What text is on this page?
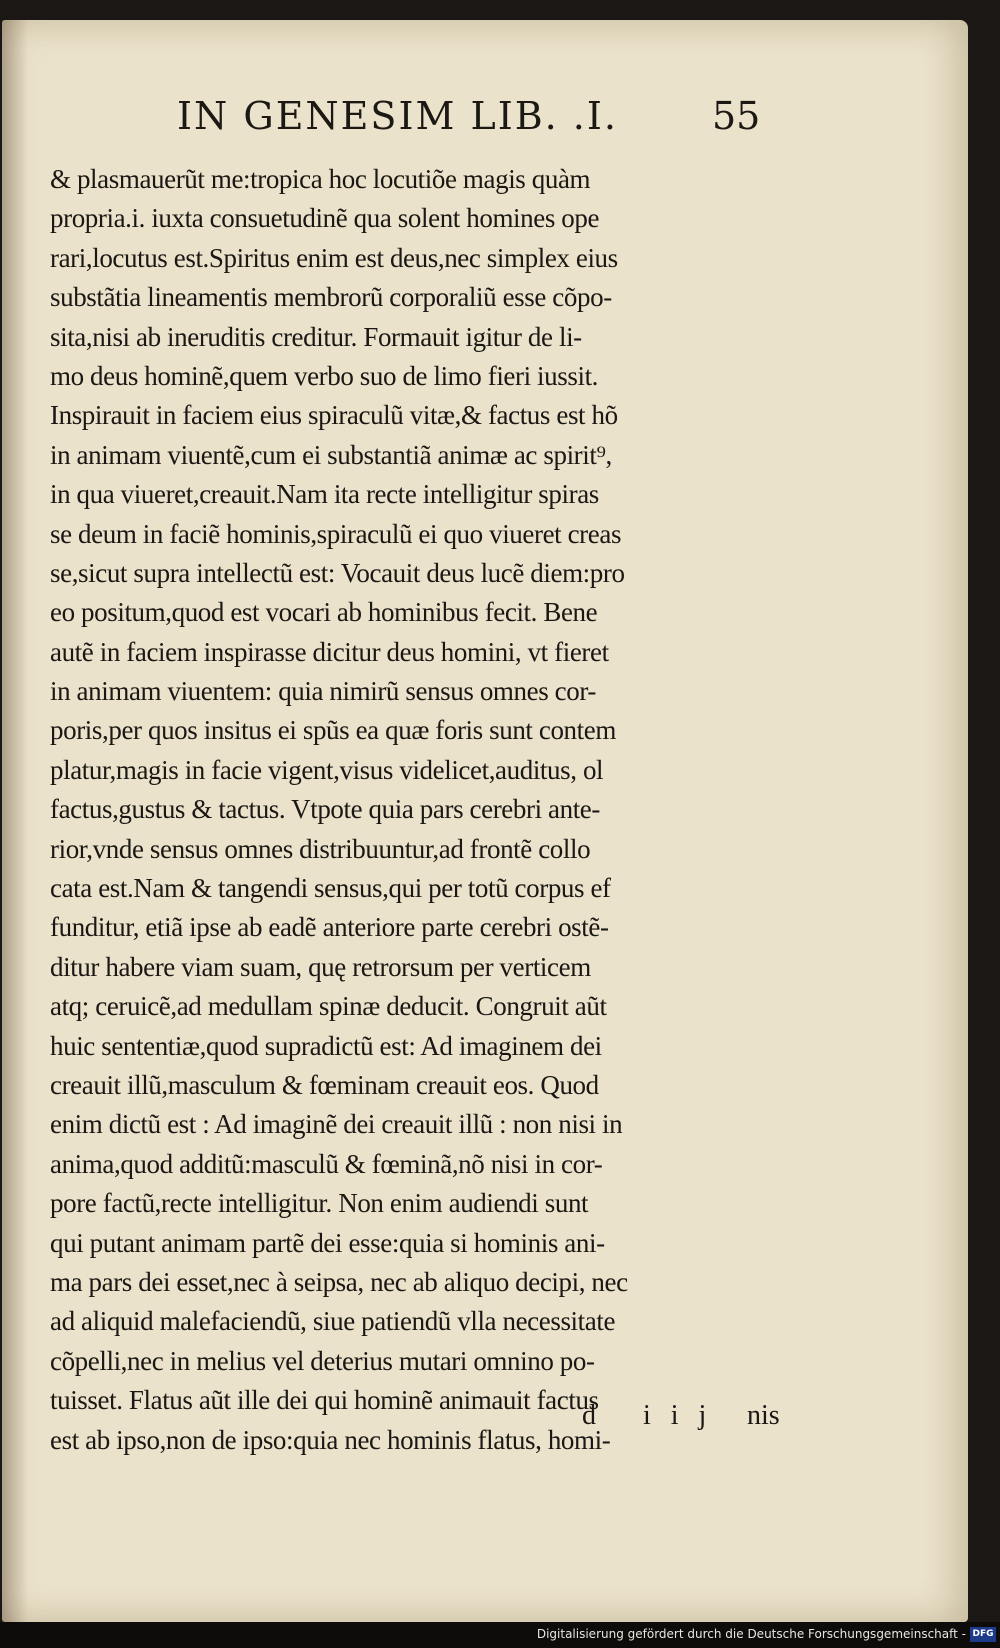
IN GENESIM LIB. .I. 55
& plasmauerũt me:tropica hoc locutiõe magis quàm
propria.i. iuxta consuetudinẽ qua solent homines ope
rari,locutus est.Spiritus enim est deus,nec simplex eius
substãtia lineamentis membrorũ corporaliũ esse cõpo-
sita,nisi ab ineruditis creditur. Formauit igitur de li-
mo deus hominẽ,quem verbo suo de limo fieri iussit.
Inspirauit in faciem eius spiraculũ vitæ,& factus est hõ
in animam viuentẽ,cum ei substantiã animæ ac spirit⁹,
in qua viueret,creauit.Nam ita recte intelligitur spiras
se deum in faciẽ hominis,spiraculũ ei quo viueret creas
se,sicut supra intellectũ est: Vocauit deus lucẽ diem:pro
eo positum,quod est vocari ab hominibus fecit. Bene
autẽ in faciem inspirasse dicitur deus homini, vt fieret
in animam viuentem: quia nimirũ sensus omnes cor-
poris,per quos insitus ei spũs ea quæ foris sunt contem
platur,magis in facie vigent,visus videlicet,auditus, ol
factus,gustus & tactus. Vtpote quia pars cerebri ante-
rior,vnde sensus omnes distribuuntur,ad frontẽ collo
cata est.Nam & tangendi sensus,qui per totũ corpus ef
funditur, etiã ipse ab eadẽ anteriore parte cerebri ostẽ-
ditur habere viam suam, quę retrorsum per verticem
atq; ceruicẽ,ad medullam spinæ deducit. Congruit aũt
huic sententiæ,quod supradictũ est: Ad imaginem dei
creauit illũ,masculum & fœminam creauit eos. Quod
enim dictũ est : Ad imaginẽ dei creauit illũ : non nisi in
anima,quod additũ:masculũ & fœminã,nõ nisi in cor-
pore factũ,recte intelligitur. Non enim audiendi sunt
qui putant animam partẽ dei esse:quia si hominis ani-
ma pars dei esset,nec à seipsa, nec ab aliquo decipi, nec
ad aliquid malefaciendũ, siue patiendũ vlla necessitate
cõpelli,nec in melius vel deterius mutari omnino po-
tuisset. Flatus aũt ille dei qui hominẽ animauit factus
est ab ipso,non de ipso:quia nec hominis flatus, homi-
d iij nis
Digitalisierung gefördert durch die Deutsche Forschungsgemeinschaft - DFG
